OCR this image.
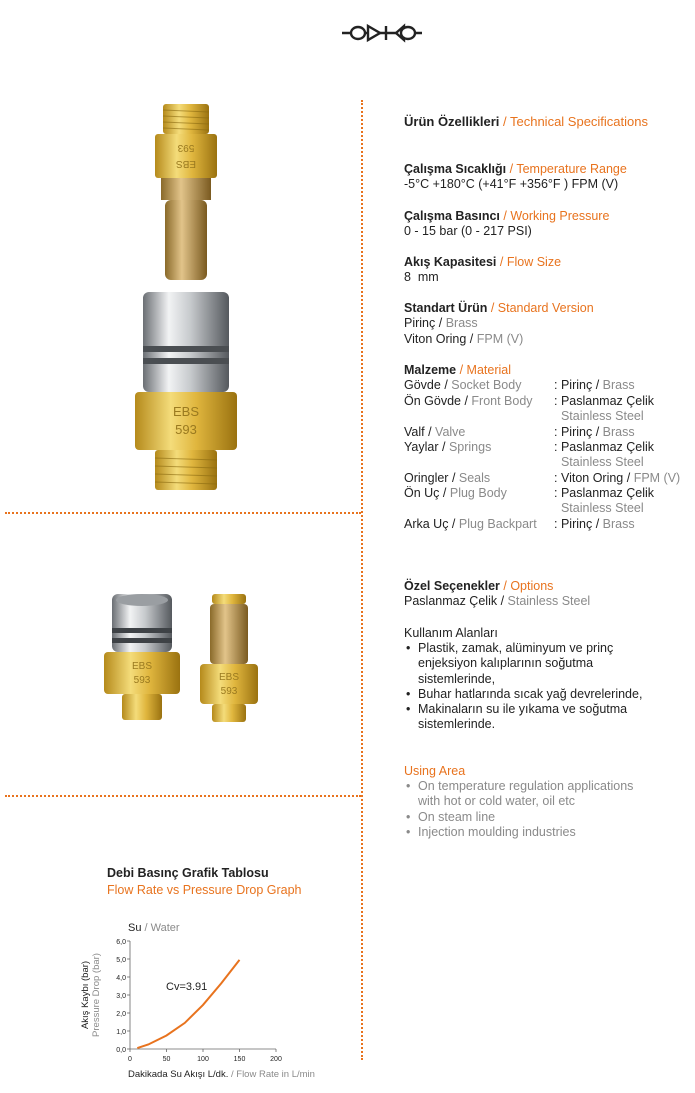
593
EBS
EBS
593
EBS
593	EBS
593
Ürün Özellikleri / Technical Specifications
Çalışma Sıcaklığı / Temperature Range
-5°C +180°C (+41°F +356°F ) FPM (V)
Çalışma Basıncı / Working Pressure
0 - 15 bar (0 - 217 PSI)
Akış Kapasitesi / Flow Size
8  mm
Standart Ürün / Standard Version
Pirinç / Brass
Viton Oring / FPM (V)
Malzeme / Material
Gövde / Socket Body	: Pirinç / Brass
Ön Gövde / Front Body : Paslanmaz Çelik
Stainless Steel
Valf / Valve	: Pirinç / Brass
Yaylar / Springs	: Paslanmaz Çelik
Stainless Steel
Oringler / Seals	: Viton Oring / FPM (V)
Ön Uç / Plug Body	: Paslanmaz Çelik
Stainless Steel
Arka Uç / Plug Backpart : Pirinç / Brass
Özel Seçenekler / Options
Paslanmaz Çelik / Stainless Steel
Kullanım Alanları
• Plastik, zamak, alüminyum ve prinç
enjeksiyon kalıplarının soğutma
sistemlerinde,
• Buhar hatlarında sıcak yağ devrelerinde,
• Makinaların su ile yıkama ve soğutma
sistemlerinde.
Using Area
• On temperature regulation applications
with hot or cold water, oil etc
• On steam line
• Injection moulding industries
Debi Basınç Grafik Tablosu
Flow Rate vs Pressure Drop Graph
Su / Water
0	50	100	150	200
0,0
1,0
2,0
3,0
4,0
5,0
6,0
Cv=3.91
Akış Kaybı (bar) Pressure Drop (bar)
Dakikada Su Akışı L/dk. / Flow Rate in L/min
